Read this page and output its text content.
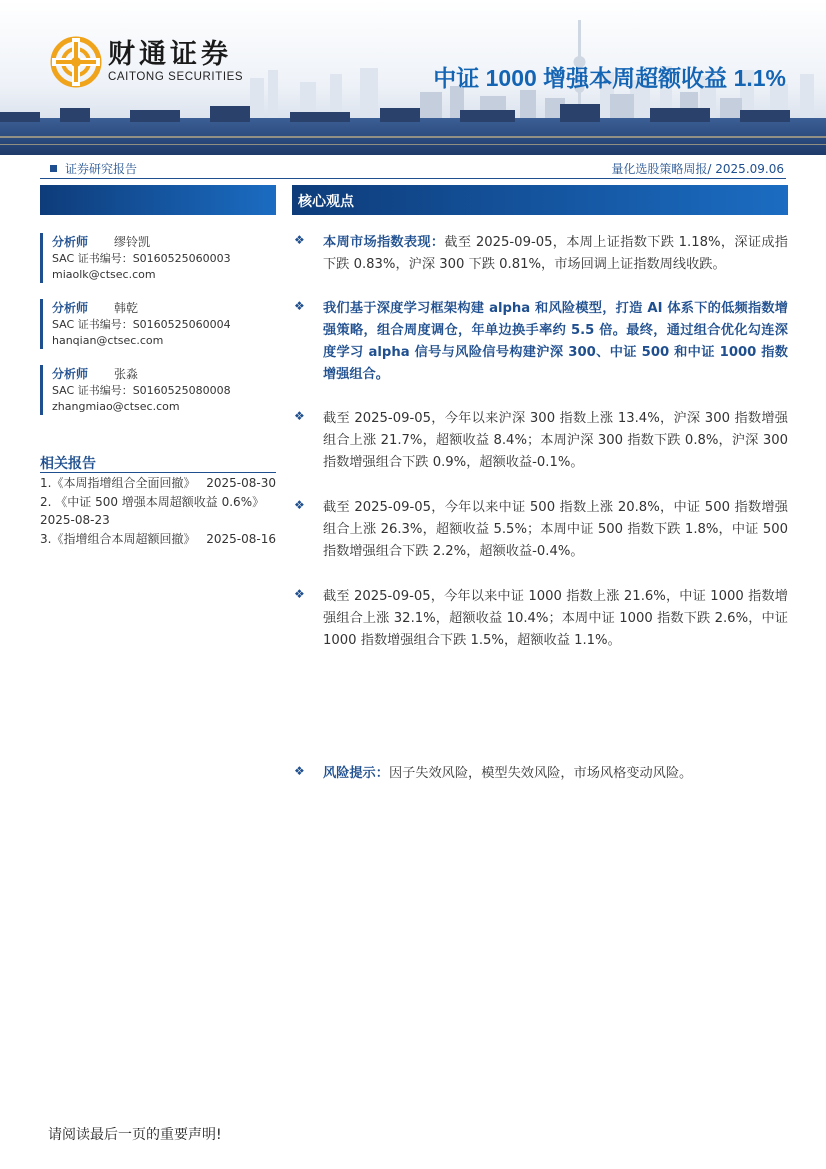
财通证券
CAITONG SECURITIES	中证 1000 增强本周超额收益 1.1%
证券研究报告	量化选股策略周报/ 2025.09.06
核心观点
分析师 缪铃凯
SAC 证书编号：S0160525060003
miaolk@ctsec.com
分析师 韩乾
SAC 证书编号：S0160525060004
hanqian@ctsec.com
分析师 张淼
SAC 证书编号：S0160525080008
zhangmiao@ctsec.com
相关报告
1.《本周指增组合全面回撤》 2025-08-30
2. 《中证 500 增强本周超额收益 0.6%》
2025-08-23
3.《指增组合本周超额回撤》 2025-08-16
❖ 本周市场指数表现：截至 2025-09-05，本周上证指数下跌 1.18%，深证成指下跌 0.83%，沪深 300 下跌 0.81%，市场回调上证指数周线收跌。
❖ 我们基于深度学习框架构建 alpha 和风险模型，打造 AI 体系下的低频指数增强策略，组合周度调仓，年单边换手率约 5.5 倍。最终，通过组合优化勾连深度学习 alpha 信号与风险信号构建沪深 300、中证 500 和中证 1000 指数增强组合。
❖ 截至 2025-09-05，今年以来沪深 300 指数上涨 13.4%，沪深 300 指数增强组合上涨 21.7%，超额收益 8.4%；本周沪深 300 指数下跌 0.8%，沪深 300 指数增强组合下跌 0.9%，超额收益-0.1%。
❖ 截至 2025-09-05，今年以来中证 500 指数上涨 20.8%，中证 500 指数增强组合上涨 26.3%，超额收益 5.5%；本周中证 500 指数下跌 1.8%，中证 500 指数增强组合下跌 2.2%，超额收益-0.4%。
❖ 截至 2025-09-05，今年以来中证 1000 指数上涨 21.6%，中证 1000 指数增强组合上涨 32.1%，超额收益 10.4%；本周中证 1000 指数下跌 2.6%，中证 1000 指数增强组合下跌 1.5%，超额收益 1.1%。
❖ 风险提示：因子失效风险，模型失效风险，市场风格变动风险。
请阅读最后一页的重要声明!
